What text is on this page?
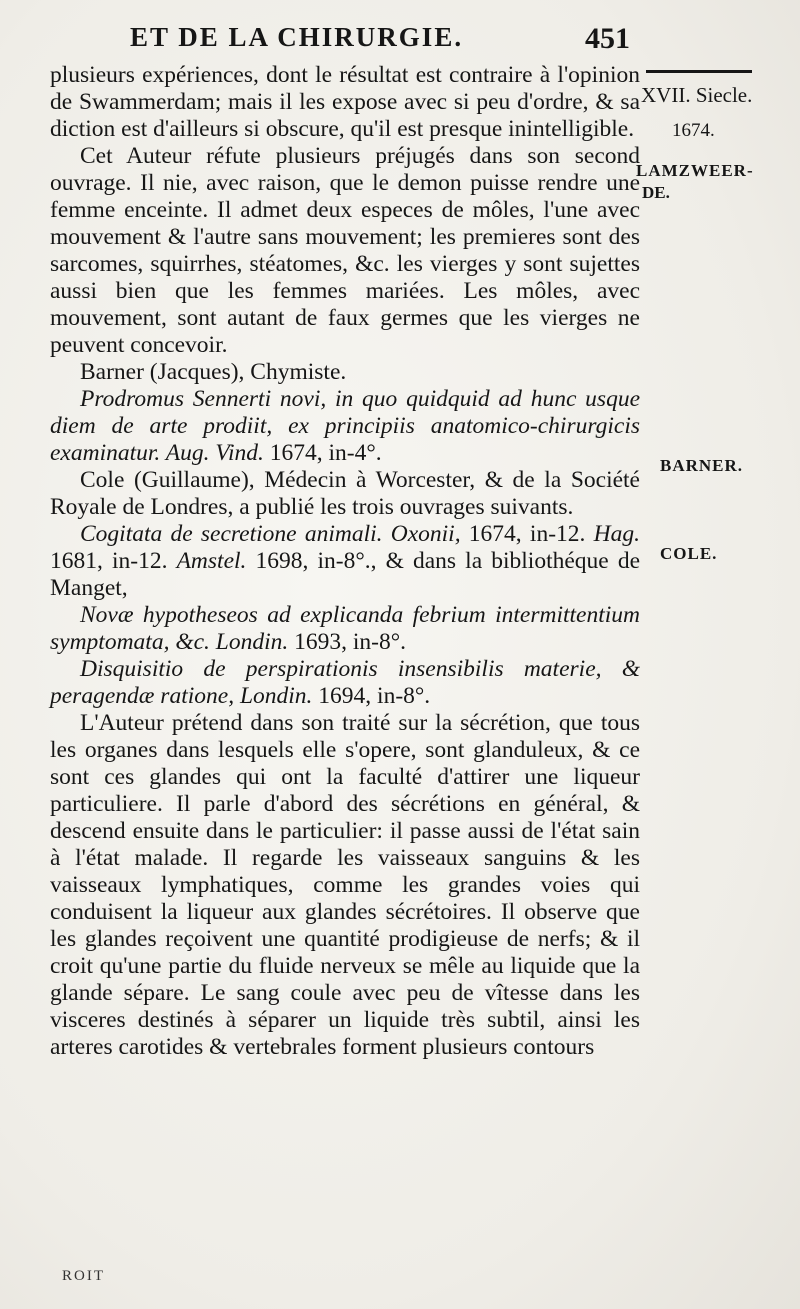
ET DE LA CHIRURGIE.	451
XVII. Siecle.
1674.
LAMZWEER-
DE.
BARNER.
COLE.

plusieurs expériences, dont le résultat est contraire à l'opinion de Swammerdam; mais il les expose avec si peu d'ordre, & sa diction est d'ailleurs si obscure, qu'il est presque inintelligible.

Cet Auteur réfute plusieurs préjugés dans son second ouvrage. Il nie, avec raison, que le demon puisse rendre une femme enceinte. Il admet deux especes de môles, l'une avec mouvement & l'autre sans mouvement; les premieres sont des sarcomes, squirrhes, stéatomes, &c. les vierges y sont sujettes aussi bien que les femmes mariées. Les môles, avec mouvement, sont autant de faux germes que les vierges ne peuvent concevoir.

Barner (Jacques), Chymiste.

Prodromus Sennerti novi, in quo quidquid ad hunc usque diem de arte prodiit, ex principiis anatomico-chirurgicis examinatur. Aug. Vind. 1674, in-4°.

Cole (Guillaume), Médecin à Worcester, & de la Société Royale de Londres, a publié les trois ouvrages suivants.

Cogitata de secretione animali. Oxonii, 1674, in-12. Hag. 1681, in-12. Amstel. 1698, in-8°., & dans la bibliothéque de Manget,

Novæ hypotheseos ad explicanda febrium intermittentium symptomata, &c. Londin. 1693, in-8°.

Disquisitio de perspirationis insensibilis materie, & peragendæ ratione, Londin. 1694, in-8°.

L'Auteur prétend dans son traité sur la sécrétion, que tous les organes dans lesquels elle s'opere, sont glanduleux, & ce sont ces glandes qui ont la faculté d'attirer une liqueur particuliere. Il parle d'abord des sécrétions en général, & descend ensuite dans le particulier: il passe aussi de l'état sain à l'état malade. Il regarde les vaisseaux sanguins & les vaisseaux lymphatiques, comme les grandes voies qui conduisent la liqueur aux glandes sécrétoires. Il observe que les glandes reçoivent une quantité prodigieuse de nerfs; & il croit qu'une partie du fluide nerveux se mêle au liquide que la glande sépare. Le sang coule avec peu de vîtesse dans les visceres destinés à séparer un liquide très subtil, ainsi les arteres carotides & vertebrales forment plusieurs contours

ROIT
